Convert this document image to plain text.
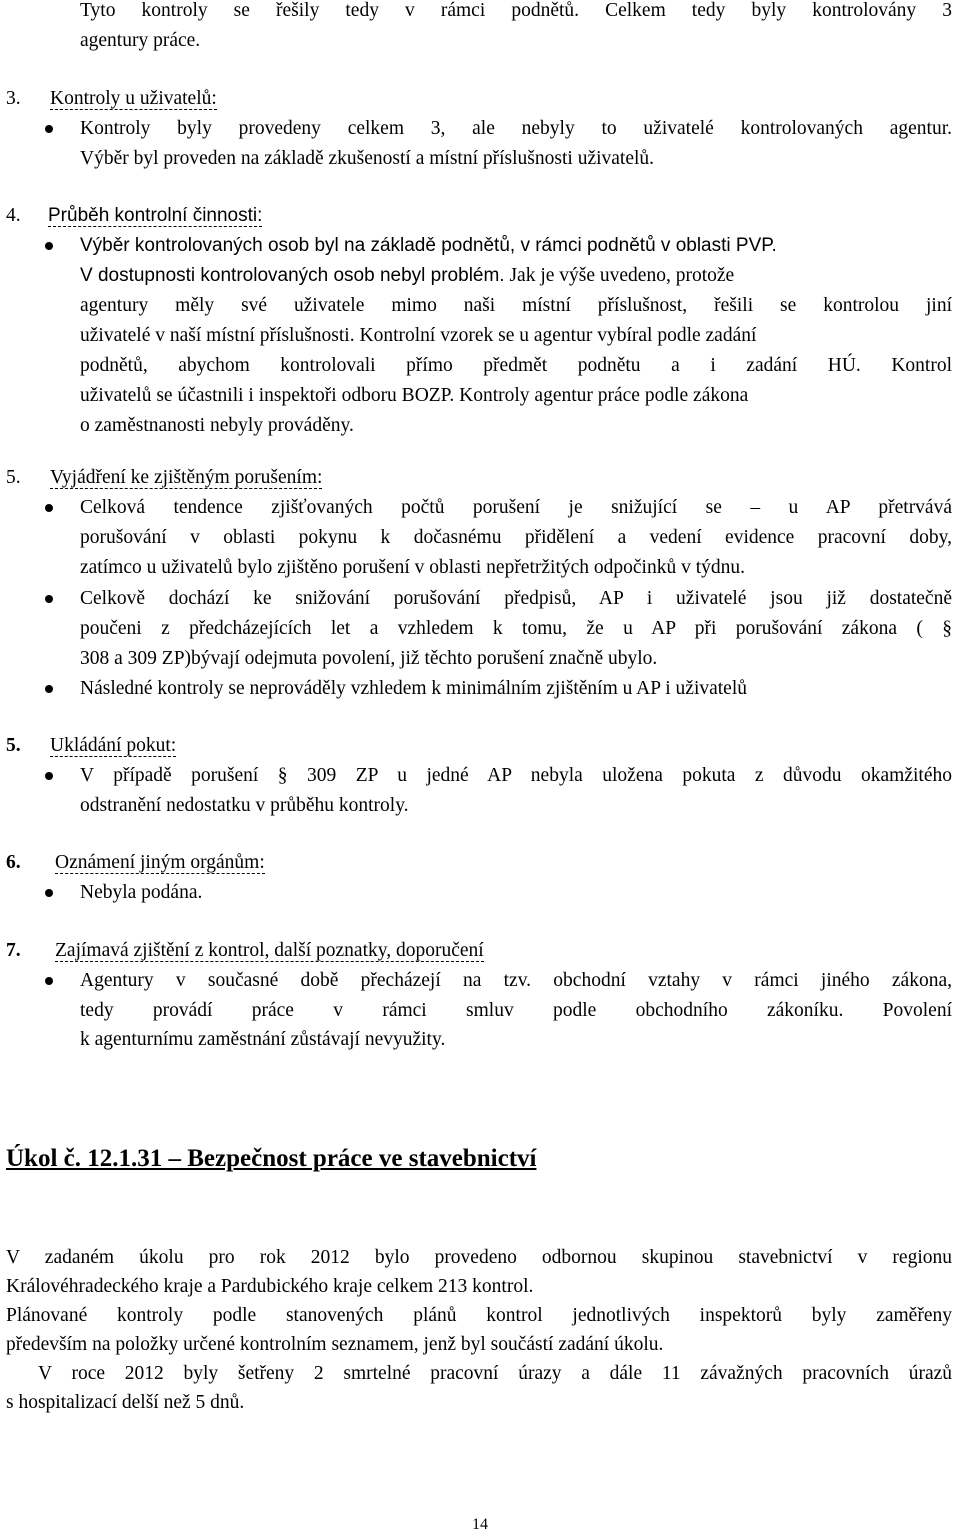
Tyto kontroly se řešily tedy v rámci podnětů. Celkem tedy byly kontrolovány 3
agentury práce.
3. Kontroly u uživatelů:
Kontroly byly provedeny celkem 3, ale nebyly to uživatelé kontrolovaných agentur.
Výběr byl proveden na základě zkušeností a místní příslušnosti uživatelů.
4. Průběh kontrolní činnosti:
Výběr kontrolovaných osob byl na základě podnětů, v rámci podnětů v oblasti PVP.
V dostupnosti kontrolovaných osob nebyl problém. Jak je výše uvedeno, protože
agentury měly své uživatele mimo naši místní příslušnost, řešili se kontrolou jiní
uživatelé v naší místní příslušnosti. Kontrolní vzorek se u agentur vybíral podle zadání
podnětů, abychom kontrolovali přímo předmět podnětu a i zadání HÚ. Kontrol
uživatelů se účastnili i inspektoři odboru BOZP. Kontroly agentur práce podle zákona
o zaměstnanosti nebyly prováděny.
5. Vyjádření ke zjištěným porušením:
Celková tendence zjišťovaných počtů porušení je snižující se – u AP přetrvává
porušování v oblasti pokynu k dočasnému přidělení a vedení evidence pracovní doby,
zatímco u uživatelů bylo zjištěno porušení v oblasti nepřetržitých odpočinků v týdnu.
Celkově dochází ke snižování porušování předpisů, AP i uživatelé jsou již dostatečně
poučeni z předcházejících let a vzhledem k tomu, že u AP při porušování zákona ( §
308 a 309 ZP)bývají odejmuta povolení, již těchto porušení značně ubylo.
Následné kontroly se neprováděly vzhledem k minimálním zjištěním u AP i uživatelů
5. Ukládání pokut:
V případě porušení § 309 ZP u jedné AP nebyla uložena pokuta z důvodu okamžitého
odstranění nedostatku v průběhu kontroly.
6. Oznámení jiným orgánům:
Nebyla podána.
7. Zajímavá zjištění z kontrol, další poznatky, doporučení
Agentury v současné době přecházejí na tzv. obchodní vztahy v rámci jiného zákona,
tedy provádí práce v rámci smluv podle obchodního zákoníku. Povolení
k agenturnímu zaměstnání zůstávají nevyužity.
Úkol č. 12.1.31 – Bezpečnost práce ve stavebnictví
V zadaném úkolu pro rok 2012 bylo provedeno odbornou skupinou stavebnictví v regionu
Královéhradeckého kraje a Pardubického kraje celkem 213 kontrol.
Plánované kontroly podle stanovených plánů kontrol jednotlivých inspektorů byly zaměřeny
především na položky určené kontrolním seznamem, jenž byl součástí zadání úkolu.
V roce 2012 byly šetřeny 2 smrtelné pracovní úrazy a dále 11 závažných pracovních úrazů
s hospitalizací delší než 5 dnů.
14
